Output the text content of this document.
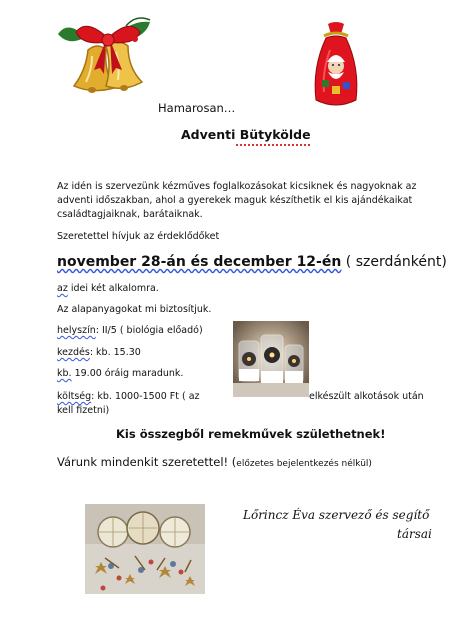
Hamarosan…
Adventi Bütykölde
Az idén is szervezünk kézműves foglalkozásokat kicsiknek és nagyoknak az adventi időszakban, ahol a gyerekek maguk készíthetik el kis ajándékaikat családtagjaiknak, barátaiknak.
Szeretettel hívjuk az érdeklődőket
november 28-án és december 12-én ( szerdánként)
az idei két alkalomra.
Az alapanyagokat mi biztosítjuk.
helyszín: II/5 ( biológia előadó)
kezdés: kb. 15.30
kb. 19.00 óráig maradunk.
költség: kb. 1000-1500 Ft ( az	elkészült alkotások után
kell fizetni)
Kis összegből remekművek születhetnek!
Várunk mindenkit szeretettel! (előzetes bejelentkezés nélkül)
Lőrincz Éva szervező és segítő
társai
